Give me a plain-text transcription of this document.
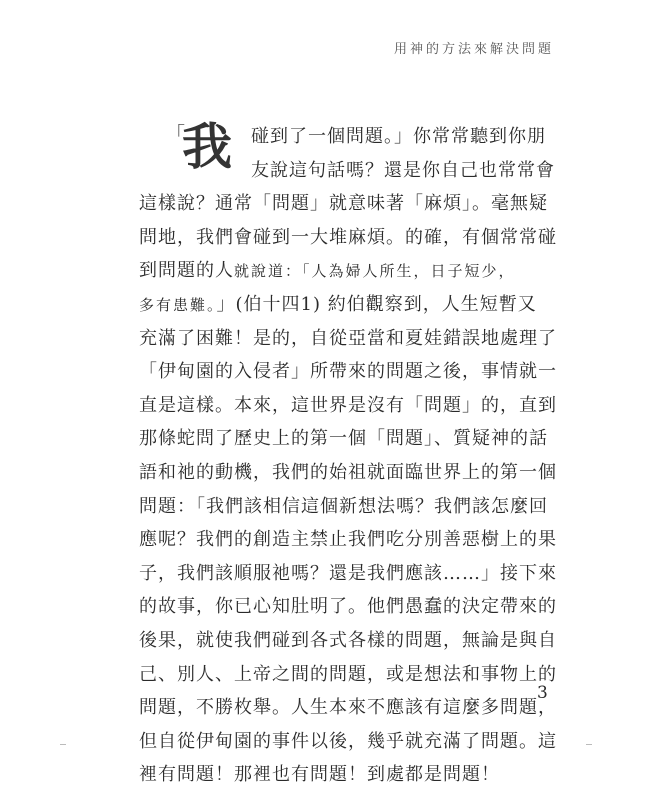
用神的方法來解決問題
「
我 碰到了一個問題。」你常常聽到你朋
友說這句話嗎？還是你自己也常常會
這樣說？通常「問題」就意味著「麻煩」。毫無疑
問地，我們會碰到一大堆麻煩。的確，有個常常碰
到問題的人就說道：「人為婦人所生，日子短少，
多有患難。」(伯十四1) 約伯觀察到，人生短暫又
充滿了困難！是的，自從亞當和夏娃錯誤地處理了
「伊甸園的入侵者」所帶來的問題之後，事情就一
直是這樣。本來，這世界是沒有「問題」的，直到
那條蛇問了歷史上的第一個「問題」、質疑神的話
語和祂的動機，我們的始祖就面臨世界上的第一個
問題：「我們該相信這個新想法嗎？我們該怎麼回
應呢？我們的創造主禁止我們吃分別善惡樹上的果
子，我們該順服祂嗎？還是我們應該……」接下來
的故事，你已心知肚明了。他們愚蠢的決定帶來的
後果，就使我們碰到各式各樣的問題，無論是與自
己、別人、上帝之間的問題，或是想法和事物上的
問題，不勝枚舉。人生本來不應該有這麼多問題，
但自從伊甸園的事件以後，幾乎就充滿了問題。這
裡有問題！那裡也有問題！到處都是問題！
3
